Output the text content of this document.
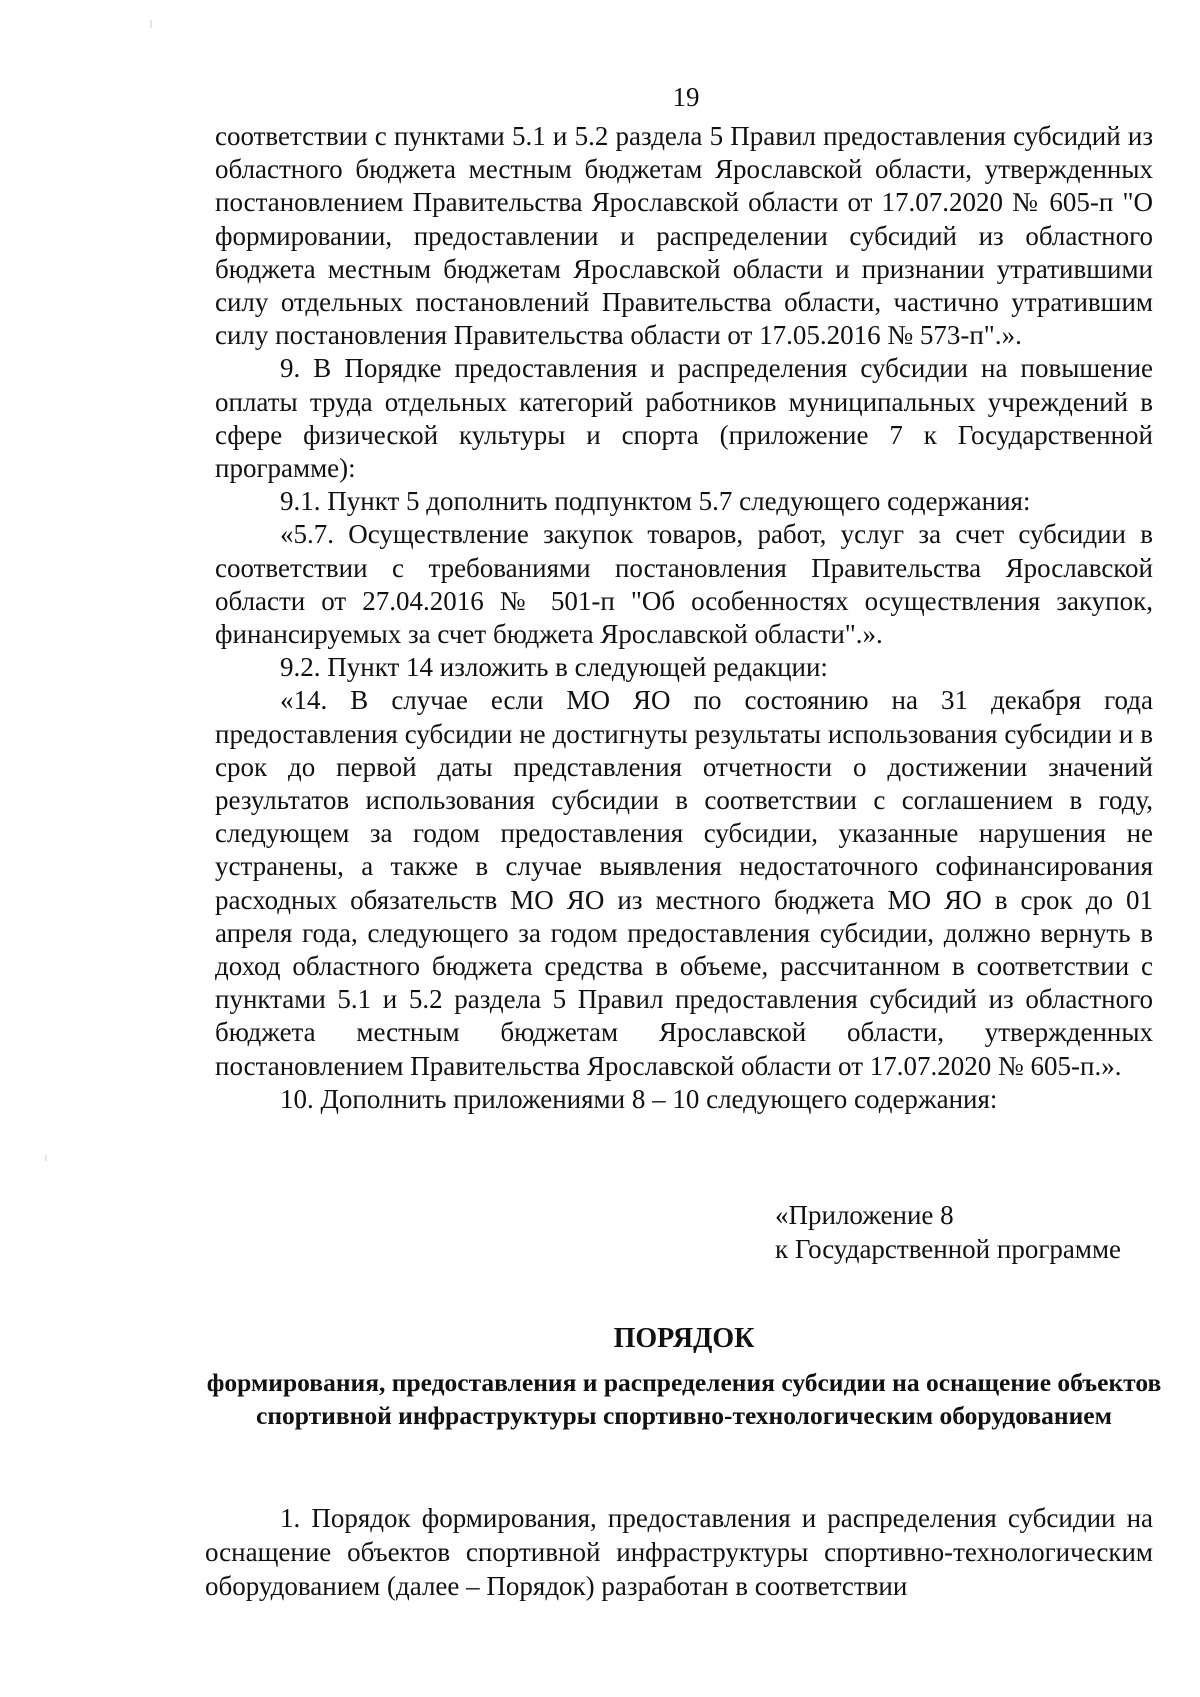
19

соответствии с пунктами 5.1 и 5.2 раздела 5 Правил предоставления субсидий из областного бюджета местным бюджетам Ярославской области, утвержденных постановлением Правительства Ярославской области от 17.07.2020 № 605-п "О формировании, предоставлении и распределении субсидий из областного бюджета местным бюджетам Ярославской области и признании утратившими силу отдельных постановлений Правительства области, частично утратившим силу постановления Правительства области от 17.05.2016 № 573-п".».

9. В Порядке предоставления и распределения субсидии на повышение оплаты труда отдельных категорий работников муниципальных учреждений в сфере физической культуры и спорта (приложение 7 к Государственной программе):

9.1. Пункт 5 дополнить подпунктом 5.7 следующего содержания:

«5.7. Осуществление закупок товаров, работ, услуг за счет субсидии в соответствии с требованиями постановления Правительства Ярославской области от 27.04.2016 № 501-п "Об особенностях осуществления закупок, финансируемых за счет бюджета Ярославской области".».

9.2. Пункт 14 изложить в следующей редакции:

«14. В случае если МО ЯО по состоянию на 31 декабря года предоставления субсидии не достигнуты результаты использования субсидии и в срок до первой даты представления отчетности о достижении значений результатов использования субсидии в соответствии с соглашением в году, следующем за годом предоставления субсидии, указанные нарушения не устранены, а также в случае выявления недостаточного софинансирования расходных обязательств МО ЯО из местного бюджета МО ЯО в срок до 01 апреля года, следующего за годом предоставления субсидии, должно вернуть в доход областного бюджета средства в объеме, рассчитанном в соответствии с пунктами 5.1 и 5.2 раздела 5 Правил предоставления субсидий из областного бюджета местным бюджетам Ярославской области, утвержденных постановлением Правительства Ярославской области от 17.07.2020 № 605-п.».

10. Дополнить приложениями 8 – 10 следующего содержания:

«Приложение 8
к Государственной программе
ПОРЯДОК
формирования, предоставления и распределения субсидии на оснащение объектов спортивной инфраструктуры спортивно-технологическим оборудованием

1. Порядок формирования, предоставления и распределения субсидии на оснащение объектов спортивной инфраструктуры спортивно-технологическим оборудованием (далее – Порядок) разработан в соответствии
